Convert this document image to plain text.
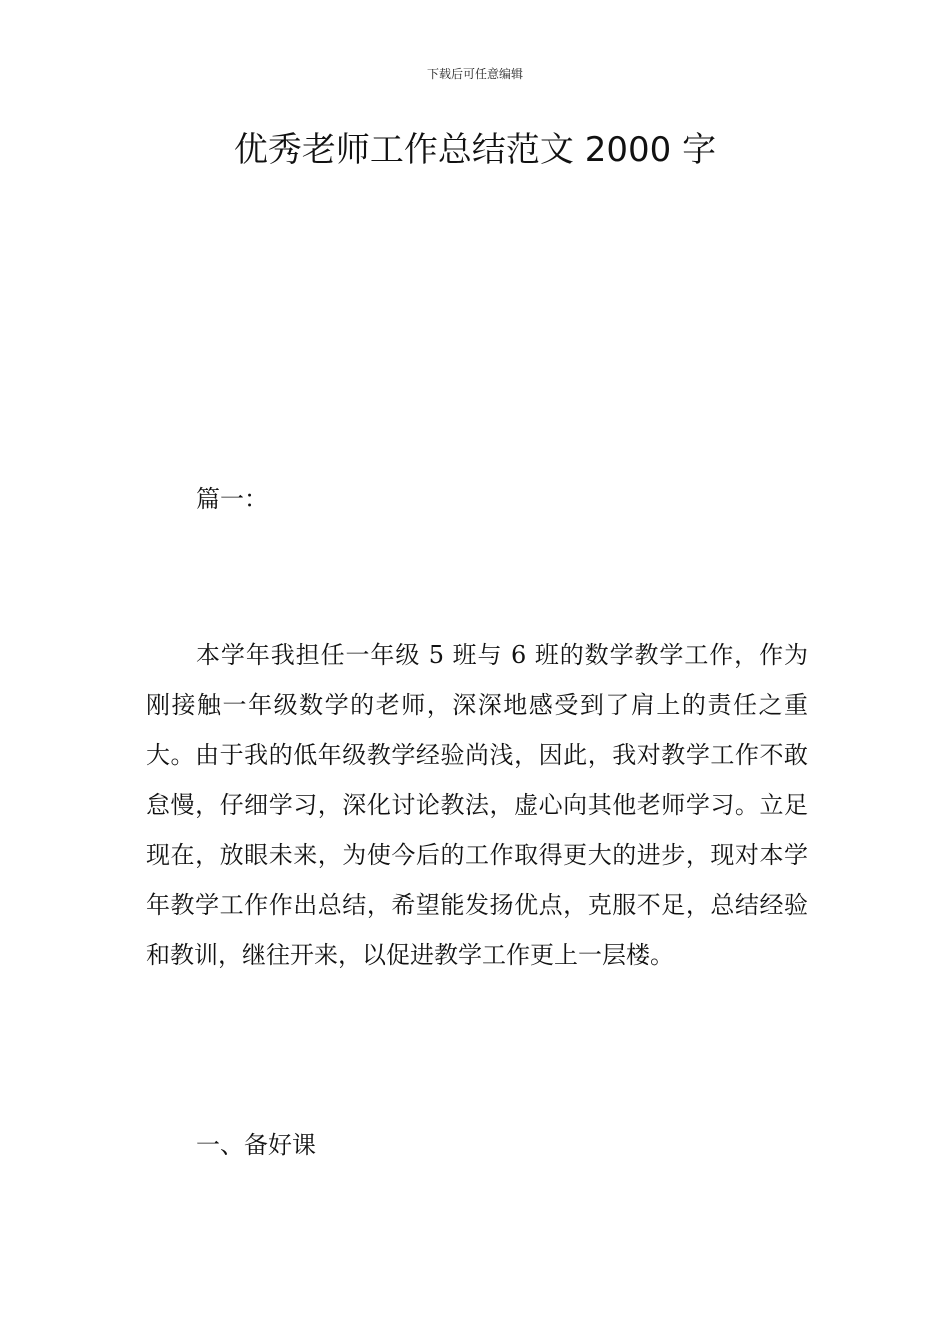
下载后可任意编辑
优秀老师工作总结范文 2000 字
篇一：

本学年我担任一年级 5 班与 6 班的数学教学工作，作为刚接触一年级数学的老师，深深地感受到了肩上的责任之重大。由于我的低年级教学经验尚浅，因此，我对教学工作不敢怠慢，仔细学习，深化讨论教法，虚心向其他老师学习。立足现在，放眼未来，为使今后的工作取得更大的进步，现对本学年教学工作作出总结，希望能发扬优点，克服不足，总结经验和教训，继往开来，以促进教学工作更上一层楼。

一、备好课
